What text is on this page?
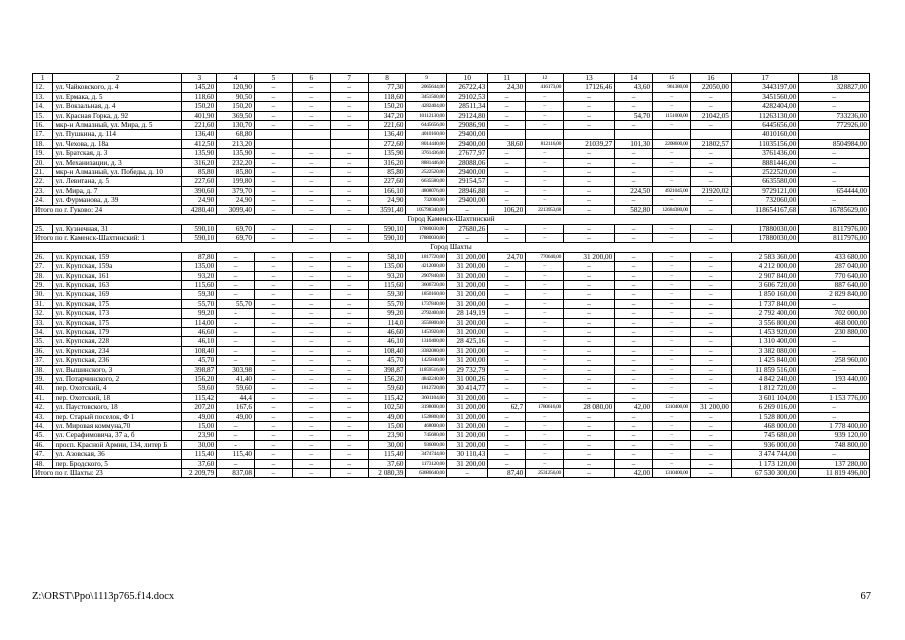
1	2	3	4	5	6	7	8	9	10	11	12	13	14	15	16	17	18
12.	ул. Чайковского, д. 4	145,20	120,90	–	–	–	77,30	2065644,00	26722,43	24,30	416173,00	17126,46	43,60	961380,00	22050,00	3443197,00	328827,00
13.	ул. Ермака, д. 5	118,60	90,50	–	–	–	118,60	3451560,00	29102,53	–	–	–	–	–	–	3451560,00	–
14.	ул. Вокзальная, д. 4	150,20	150,20	–	–	–	150,20	4282404,00	28511,34	–	–	–	–	–	–	4282404,00	–
15.	ул. Красная Горка, д. 92	401,90	369,50	–	–	–	347,20	10112130,00	29124,80	–	–	–	54,70	1151000,00	21042,05	11263130,00	733236,00
16.	мкр-н Алмазный, ул. Мира, д. 5	221,60	130,70	–	–	–	221,60	6445656,00	29086,90	–	–	–	–	–	–	6445656,00	772926,00
17.	ул. Пушкина, д. 114	136,40	68,80				136,40	4010160,00	29400,00							4010160,00	
18.	ул. Чехова, д. 18а	412,50	213,20				272,60	8014440,00	29400,00	38,60	812116,00	21039,27	101,30	2208600,00	21802,57	11035156,00	8504984,00
19.	ул. Братская, д. 3	135,90	135,90	–	–	–	135,90	3761436,00	27677,97	–	–	–	–	–	–	3761436,00	–
20.	ул. Механизации, д. 3	316,20	232,20	–	–	–	316,20	8881446,00	28088,06	–	–	–	–	–	–	8881446,00	–
21.	мкр-н Алмазный, ул. Победы, д. 10	85,80	85,80	–	–	–	85,80	2522520,00	29400,00	–	–	–	–	–	–	2522520,00	–
22.	ул. Левитана, д. 5	227,60	199,80	–	–	–	227,60	6635580,00	29154,57	–	–	–	–	–	–	6635580,00	–
23.	ул. Мира, д. 7	390,60	379,70	–	–	–	166,10	4808076,00	28946,88	–	–	–	224,50	4921045,00	21920,02	9729121,00	654444,00
24.	ул. Фурманова, д. 39	24,90	24,90	–	–	–	24,90	732060,00	29400,00	–	–	–	–	–	–	732060,00	–
Итого по г. Гуково: 24		4280,40	3099,40	–	–	–	3591,40	105798340,00	–	106,20	2213953,68	–	582,80	12684380,00	–	118654167,68	16785629,00
Город Каменск-Шахтинский																	
25.	ул. Кузнечная, 31	590,10	69,70	–	–	–	590,10	17880030,00	27680,26	–	–	–	–	–	–	17880030,00	8117976,00
Итого по г. Каменск-Шахтинский: 1		590,10	69,70	–	–	–	590,10	17880030,00	–	–	–	–	–	–	–	17880030,00	8117976,00
Город Шахты																	
26.	ул. Крупская, 159	87,80	–	–	–	–	58,10	1817720,00	31 200,00	24,70	770640,00	31 200,00	–	–	–	2 583 360,00	433 680,00
27.	ул. Крупская, 159а	135,00	–	–	–	–	135,00	4212000,00	31 200,00	–	–	–	–	–	–	4 212 000,00	287 040,00
28.	ул. Крупская, 161	93,20	–	–	–	–	93,20	2907840,00	31 200,00	–	–	–	–	–	–	2 907 840,00	770 640,00
29.	ул. Крупская, 163	115,60	–	–	–	–	115,60	3606720,00	31 200,00	–	–	–	–	–	–	3 606 720,00	887 640,00
30.	ул. Крупская, 169	59,30	–	–	–	–	59,30	1850160,00	31 200,00	–	–	–	–	–	–	1 850 160,00	2 829 840,00
31.	ул. Крупская, 175	55,70	55,70	–	–	–	55,70	1737840,00	31 200,00	–	–	–	–	–	–	1 737 840,00	–
32.	ул. Крупская, 173	99,20	-	–	–	–	99,20	2792400,00	28 149,19	–	–	–	–	–	–	2 792 400,00	702 000,00
33.	ул. Крупская, 175	114,00	-	–	–	–	114,0	3556800,00	31 200,00	–	–	–	–	–	–	3 556 800,00	468 000,00
34.	ул. Крупская, 179	46,60	–	–	–	–	46,60	1453920,00	31 200,00	–	–	–	–	–	–	1 453 920,00	230 880,00
35.	ул. Крупская, 228	46,10	–	–	–	–	46,10	1310400,00	28 425,16	–	–	–	–	–	–	1 310 400,00	–
36.	ул. Крупская, 234	108,40	–	–	–	–	108,40	3382080,00	31 200,00	–	–	–	–	–	–	3 382 080,00	–
37.	ул. Крупская, 236	45,70	–	–	–	–	45,70	1425840,00	31 200,00	–	–	–	–	–	–	1 425 840,00	258 960,00
38.	ул. Вышинского, 3	398,87	303,98	–	–	–	398,87	11859516,00	29 732,79	–	–	–	–	–	–	11 859 516,00	–
39.	ул. Потарчинского, 2	156,20	41,40	–	–	–	156,20	4842240,00	31 000,26	–	–	–	–	–	–	4 842 240,00	193 440,00
40.	пер. Охотский, 4	59,60	59,60	–	–	–	59,60	1812720,00	30 414,77	–	–	–	–	–	–	1 812 720,00	–
41.	пер. Охотский, 18	115,42	44,4	–	–	–	115,42	3601104,00	31 200,00	–	–	–	–	–	–	3 601 104,00	1 153 776,00
42.	ул. Паустовского, 18	207,20	167,6	–	–	–	102,50	3198000,00	31 200,00	62,7	1780616,00	28 080,00	42,00	1310400,00	31 200,00	6 269 016,00	–
43.	пер. Старый поселок, Ф 1	49,00	49,00	–	–	–	49,00	1528800,00	31 200,00	–	–	–	–	–	–	1 528 800,00	–
44.	ул. Мировая коммуна,70	15,00	–	–	–	–	15,00	468000,00	31 200,00	–	–	–	–	–	–	468 000,00	1 778 400,00
45.	ул. Серафимовича, 37 а, б	23,90	–	–	–	–	23,90	745680,00	31 200,00	–	–	–	–	–	–	745 680,00	939 120,00
46.	просп. Красной Армии, 134, литер Б	30,00	-	–	–	–	30,00	936000,00	31 200,00	–	–	–	–	–	–	936 000,00	748 800,00
47.	ул. Азовская, 36	115,40	115,40	–	–	–	115,40	3474744,00	30 110,43	–	–	–	–	–	–	3 474 744,00	–
48.	пер. Бродского, 5	37,60	–	–	–	–	37,60	1173120,00	31 200,00	–	–	–	–	–	–	1 173 120,00	137 280,00
Итого по г. Шахты: 23		2 209,79	837,08	–	–	–	2 080,39	63686640,00	–	87,40	2531256,00	–	42,00	1310400,00	–	67 530 300,00	11 819 496,00
Z:\ORST\Ppo\1113p765.f14.docx	67
